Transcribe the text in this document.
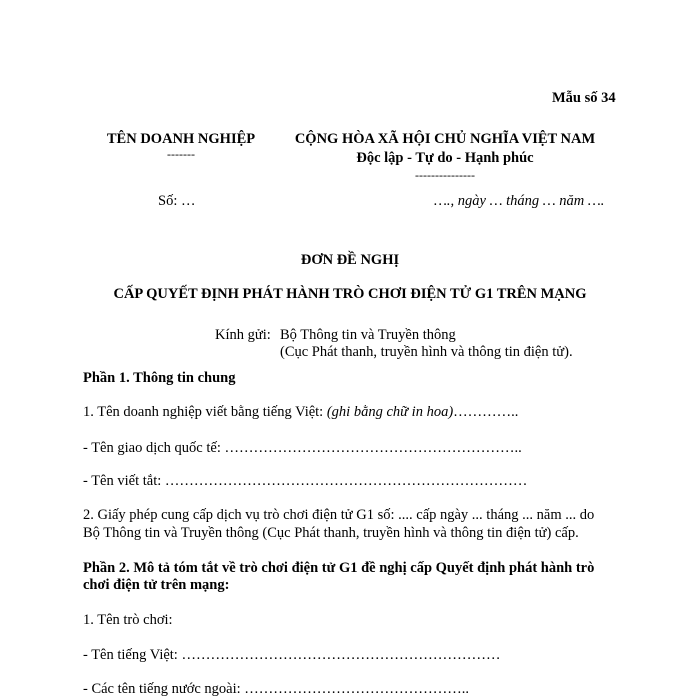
Mẫu số 34
TÊN DOANH NGHIỆP
-------
Số: …
CỘNG HÒA XÃ HỘI CHỦ NGHĨA VIỆT NAM
Độc lập - Tự do - Hạnh phúc
---------------
…., ngày … tháng … năm ….
ĐƠN ĐỀ NGHỊ
CẤP QUYẾT ĐỊNH PHÁT HÀNH TRÒ CHƠI ĐIỆN TỬ G1 TRÊN MẠNG
Kính gửi: Bộ Thông tin và Truyền thông
(Cục Phát thanh, truyền hình và thông tin điện tử).
Phần 1. Thông tin chung
1. Tên doanh nghiệp viết bằng tiếng Việt: (ghi bằng chữ in hoa)…………..
- Tên giao dịch quốc tế: ……………………………………………………..
- Tên viết tắt: …………………………………………………………………
2. Giấy phép cung cấp dịch vụ trò chơi điện tử G1 số: .... cấp ngày ... tháng ... năm ... do
Bộ Thông tin và Truyền thông (Cục Phát thanh, truyền hình và thông tin điện tử) cấp.
Phần 2. Mô tả tóm tắt về trò chơi điện tử G1 đề nghị cấp Quyết định phát hành trò
chơi điện tử trên mạng:
1. Tên trò chơi:
- Tên tiếng Việt: …………………………………………………………
- Các tên tiếng nước ngoài: ………………………………………..
